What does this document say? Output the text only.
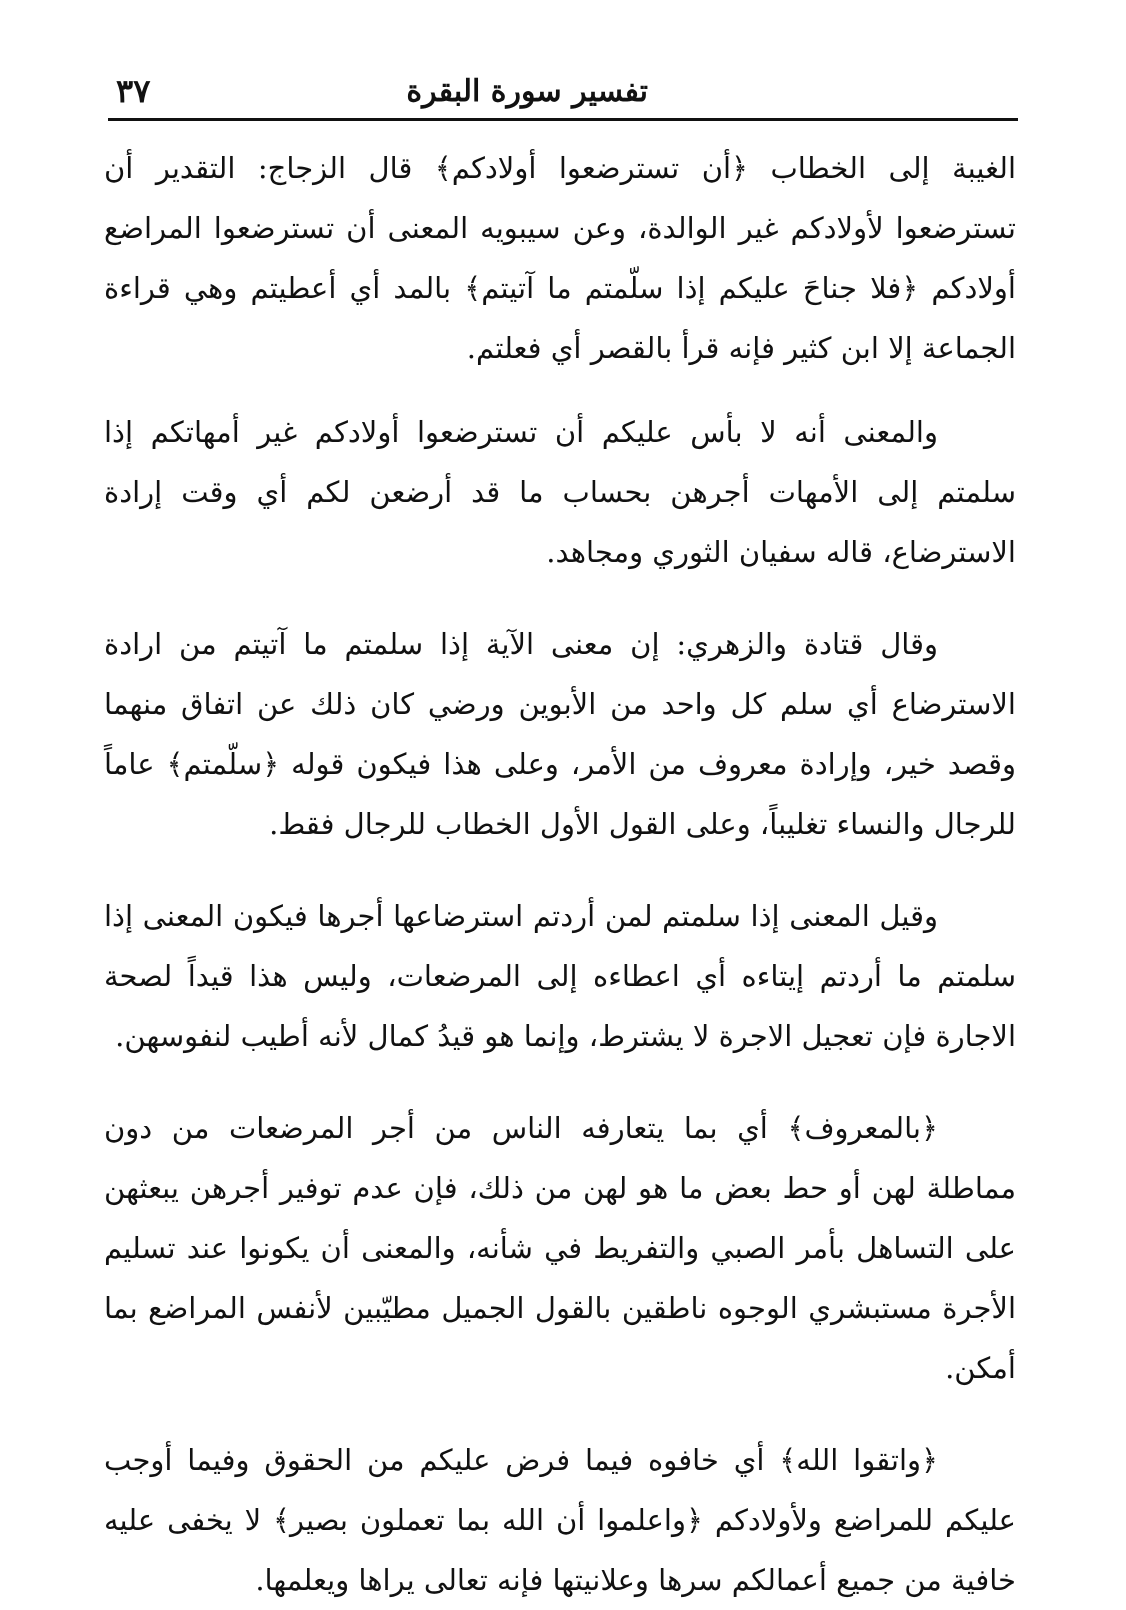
تفسير سورة البقرة
٣٧

الغيبة إلى الخطاب ﴿أن تسترضعوا أولادكم﴾ قال الزجاج: التقدير أن تسترضعوا لأولادكم غير الوالدة، وعن سيبويه المعنى أن تسترضعوا المراضع أولادكم ﴿فلا جناحَ عليكم إذا سلّمتم ما آتيتم﴾ بالمد أي أعطيتم وهي قراءة الجماعة إلا ابن كثير فإنه قرأ بالقصر أي فعلتم.

والمعنى أنه لا بأس عليكم أن تسترضعوا أولادكم غير أمهاتكم إذا سلمتم إلى الأمهات أجرهن بحساب ما قد أرضعن لكم أي وقت إرادة الاسترضاع، قاله سفيان الثوري ومجاهد.

وقال قتادة والزهري: إن معنى الآية إذا سلمتم ما آتيتم من ارادة الاسترضاع أي سلم كل واحد من الأبوين ورضي كان ذلك عن اتفاق منهما وقصد خير، وإرادة معروف من الأمر، وعلى هذا فيكون قوله ﴿سلّمتم﴾ عاماً للرجال والنساء تغليباً، وعلى القول الأول الخطاب للرجال فقط.

وقيل المعنى إذا سلمتم لمن أردتم استرضاعها أجرها فيكون المعنى إذا سلمتم ما أردتم إيتاءه أي اعطاءه إلى المرضعات، وليس هذا قيداً لصحة الاجارة فإن تعجيل الاجرة لا يشترط، وإنما هو قيدُ كمال لأنه أطيب لنفوسهن.

﴿بالمعروف﴾ أي بما يتعارفه الناس من أجر المرضعات من دون مماطلة لهن أو حط بعض ما هو لهن من ذلك، فإن عدم توفير أجرهن يبعثهن على التساهل بأمر الصبي والتفريط في شأنه، والمعنى أن يكونوا عند تسليم الأجرة مستبشري الوجوه ناطقين بالقول الجميل مطيّبين لأنفس المراضع بما أمكن.

﴿واتقوا الله﴾ أي خافوه فيما فرض عليكم من الحقوق وفيما أوجب عليكم للمراضع ولأولادكم ﴿واعلموا أن الله بما تعملون بصير﴾ لا يخفى عليه خافية من جميع أعمالكم سرها وعلانيتها فإنه تعالى يراها ويعلمها.
